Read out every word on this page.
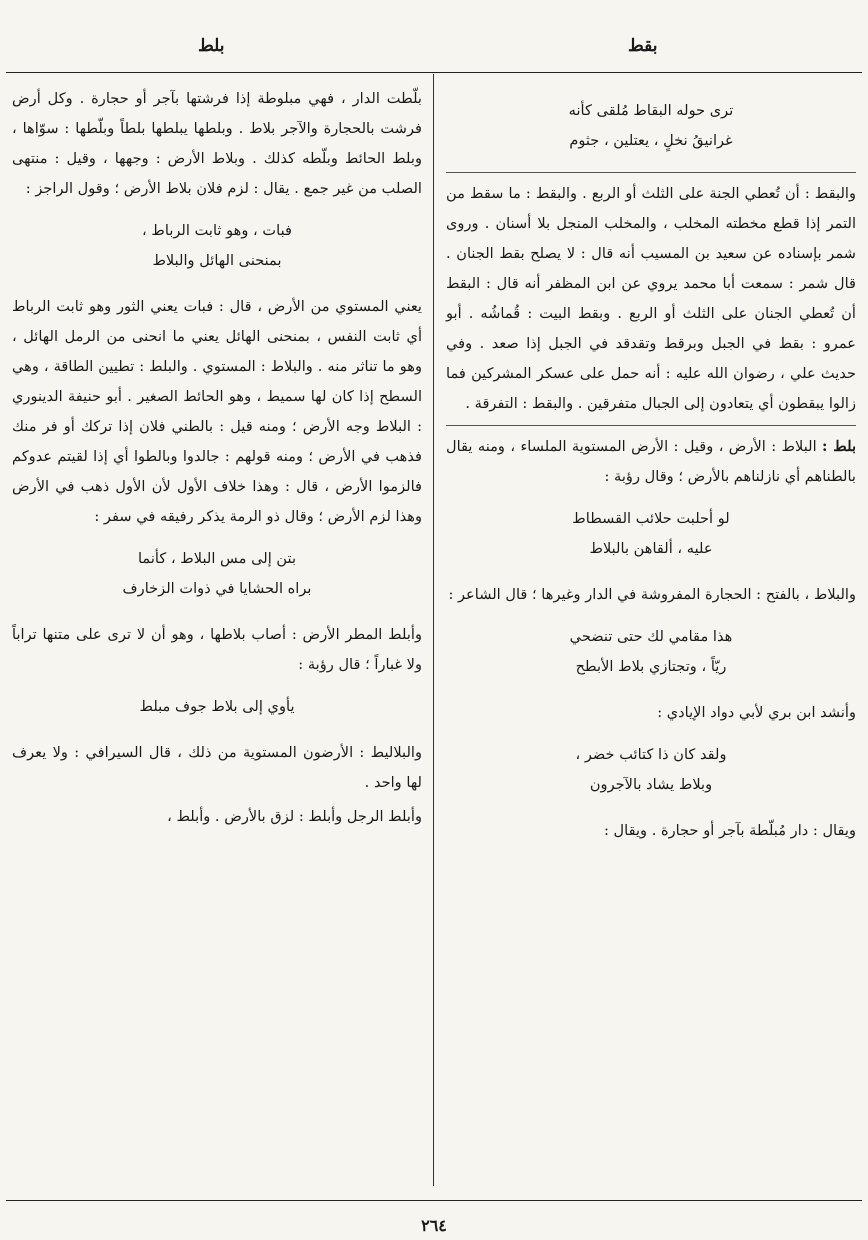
بلط	بقط
ترى حوله البقاط مُلقى كأنه
غرانيقُ نخلٍ ، يعتلين ، جثوم

والبقط : أن تُعطي الجنة على الثلث أو الربع . والبقط : ما سقط من التمر إذا قطع مخطته المخلب ، والمخلب المنجل بلا أسنان . وروى شمر بإسناده عن سعيد بن المسيب أنه قال : لا يصلح بقط الجنان . قال شمر : سمعت أبا محمد يروي عن ابن المظفر أنه قال : البقط أن تُعطي الجنان على الثلث أو الربع . وبقط البيت : قُماشُه . أبو عمرو : بقط في الجبل وبرقط وتقدقد في الجبل إذا صعد . وفي حديث علي ، رضوان الله عليه : أنه حمل على عسكر المشركين فما زالوا يبقطون أي يتعادون إلى الجبال متفرقين . والبقط : التفرقة .

بلط : البلاط : الأرض ، وقيل : الأرض المستوية الملساء ، ومنه يقال بالطناهم أي نازلناهم بالأرض ؛ وقال رؤبة :

لو أحلبت حلائب القسطاط
عليه ، ألقاهن بالبلاط

والبلاط ، بالفتح : الحجارة المفروشة في الدار وغيرها ؛ قال الشاعر :

هذا مقامي لك حتى تنضحي
ريّاً ، وتجتازي بلاط الأبطح

وأنشد ابن بري لأبي دواد الإيادي :

ولقد كان ذا كتائب خضر ،
وبلاط يشاد بالآجرون

ويقال : دار مُبلّطة بآجر أو حجارة . ويقال :

بلّطت الدار ، فهي مبلوطة إذا فرشتها بآجر أو حجارة . وكل أرض فرشت بالحجارة والآجر بلاط . وبلطها يبلطها بلطاً وبلّطها : سوّاها ، وبلط الحائط وبلّطه كذلك . وبلاط الأرض : وجهها ، وقيل : منتهى الصلب من غير جمع . يقال : لزم فلان بلاط الأرض ؛ وقول الراجز :

فبات ، وهو ثابت الرباط ،
بمنحنى الهائل والبلاط

يعني المستوي من الأرض ، قال : فبات يعني الثور وهو ثابت الرباط أي ثابت النفس ، بمنحنى الهائل يعني ما انحنى من الرمل الهائل ، وهو ما تناثر منه . والبلاط : المستوي . والبلط : تطيين الطاقة ، وهي السطح إذا كان لها سميط ، وهو الحائط الصغير . أبو حنيفة الدينوري : البلاط وجه الأرض ؛ ومنه قيل : بالطني فلان إذا تركك أو فر منك فذهب في الأرض ؛ ومنه قولهم : جالدوا وبالطوا أي إذا لقيتم عدوكم فالزموا الأرض ، قال : وهذا خلاف الأول لأن الأول ذهب في الأرض وهذا لزم الأرض ؛ وقال ذو الرمة يذكر رفيقه في سفر :

بتن إلى مس البلاط ، كأنما
براه الحشايا في ذوات الزخارف

وأبلط المطر الأرض : أصاب بلاطها ، وهو أن لا ترى على متنها تراباً ولا غباراً ؛ قال رؤبة :

يأوي إلى بلاط جوف مبلط

والبلاليط : الأرضون المستوية من ذلك ، قال السيرافي : ولا يعرف لها واحد .

وأبلط الرجل وأبلط : لزق بالأرض . وأبلط ،

٢٦٤
